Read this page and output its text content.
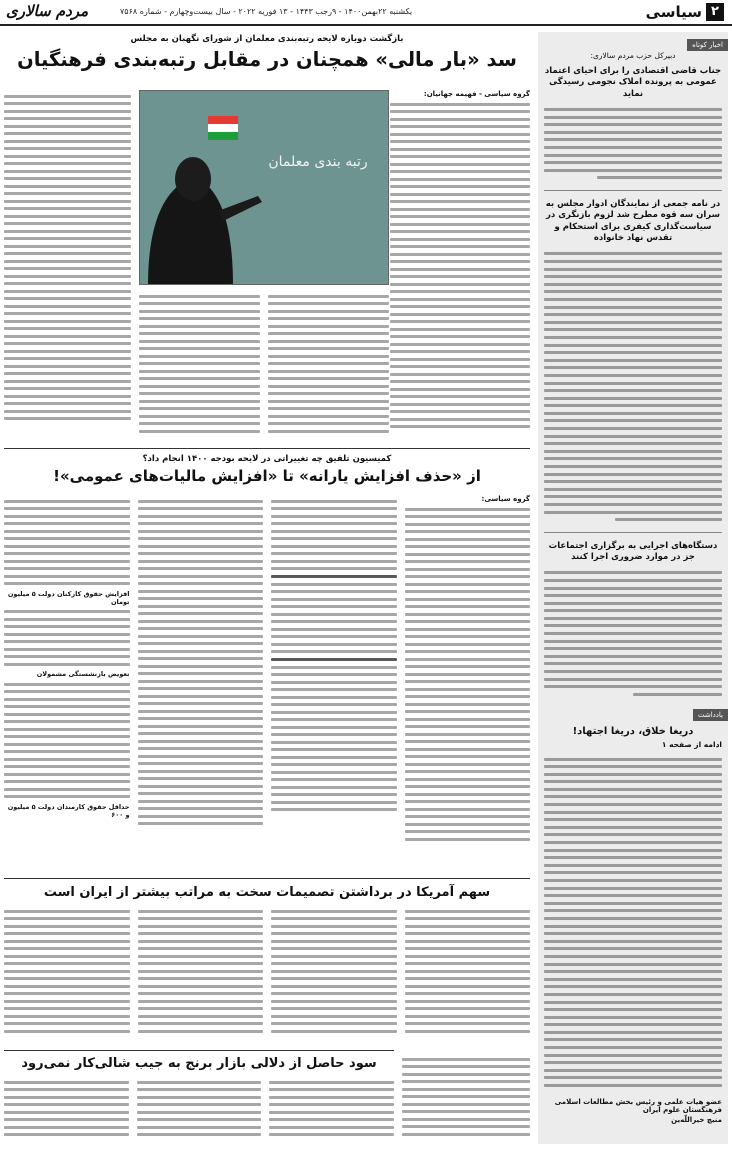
۲
سیاسی
یکشنبه ۲۲بهمن۱۴۰۰ - ۹رجب ۱۴۴۳ - ۱۳ فوریه ۲۰۲۲ - سال بیست‌وچهارم - شماره ۷۵۶۸
مردم سالاری
اخبار کوتاه
دبیرکل حزب مردم سالاری:
جناب قاضی اقتصادی را برای احیای اعتماد عمومی به پرونده املاک نجومی رسیدگی نماید
در نامه جمعی از نمایندگان ادوار مجلس به سران سه قوه مطرح شد لزوم بازنگری در سیاست‌گذاری کیفری برای استحکام و تقدس نهاد خانواده
دستگاه‌های اجرایی به برگزاری اجتماعات جز در موارد ضروری اجرا کنند
یادداشت
دریغا خلاق، دریغا اجتهاد!
ادامه از صفحه ۱
عضو هیات علمی و رئیس بخش مطالعات اسلامی فرهنگستان علوم ایران
منیچ خیراللّه‌ین
بازگشت دوباره لایحه رتبه‌بندی معلمان از شورای نگهبان به مجلس
سد «بار مالی» همچنان در مقابل رتبه‌بندی فرهنگیان
گروه سیاسی - فهیمه جهانیان:
رتبه بندی معلمان
کمیسیون تلفیق چه تغییراتی در لایحه بودجه ۱۴۰۰ انجام داد؟
از «حذف افزایش یارانه» تا «افزایش مالیات‌های عمومی»!
گروه سیاسی:
افزایش حقوق کارکنان دولت ۵ میلیون تومان
تعویض بازنشستگی مشمولان
حداقل حقوق کارمندان دولت ۵ میلیون و ۶۰۰
سهم آمریکا در برداشتن تصمیمات سخت به مراتب بیشتر از ایران است
سود حاصل از دلالی بازار برنج به جیب شالی‌کار نمی‌رود
